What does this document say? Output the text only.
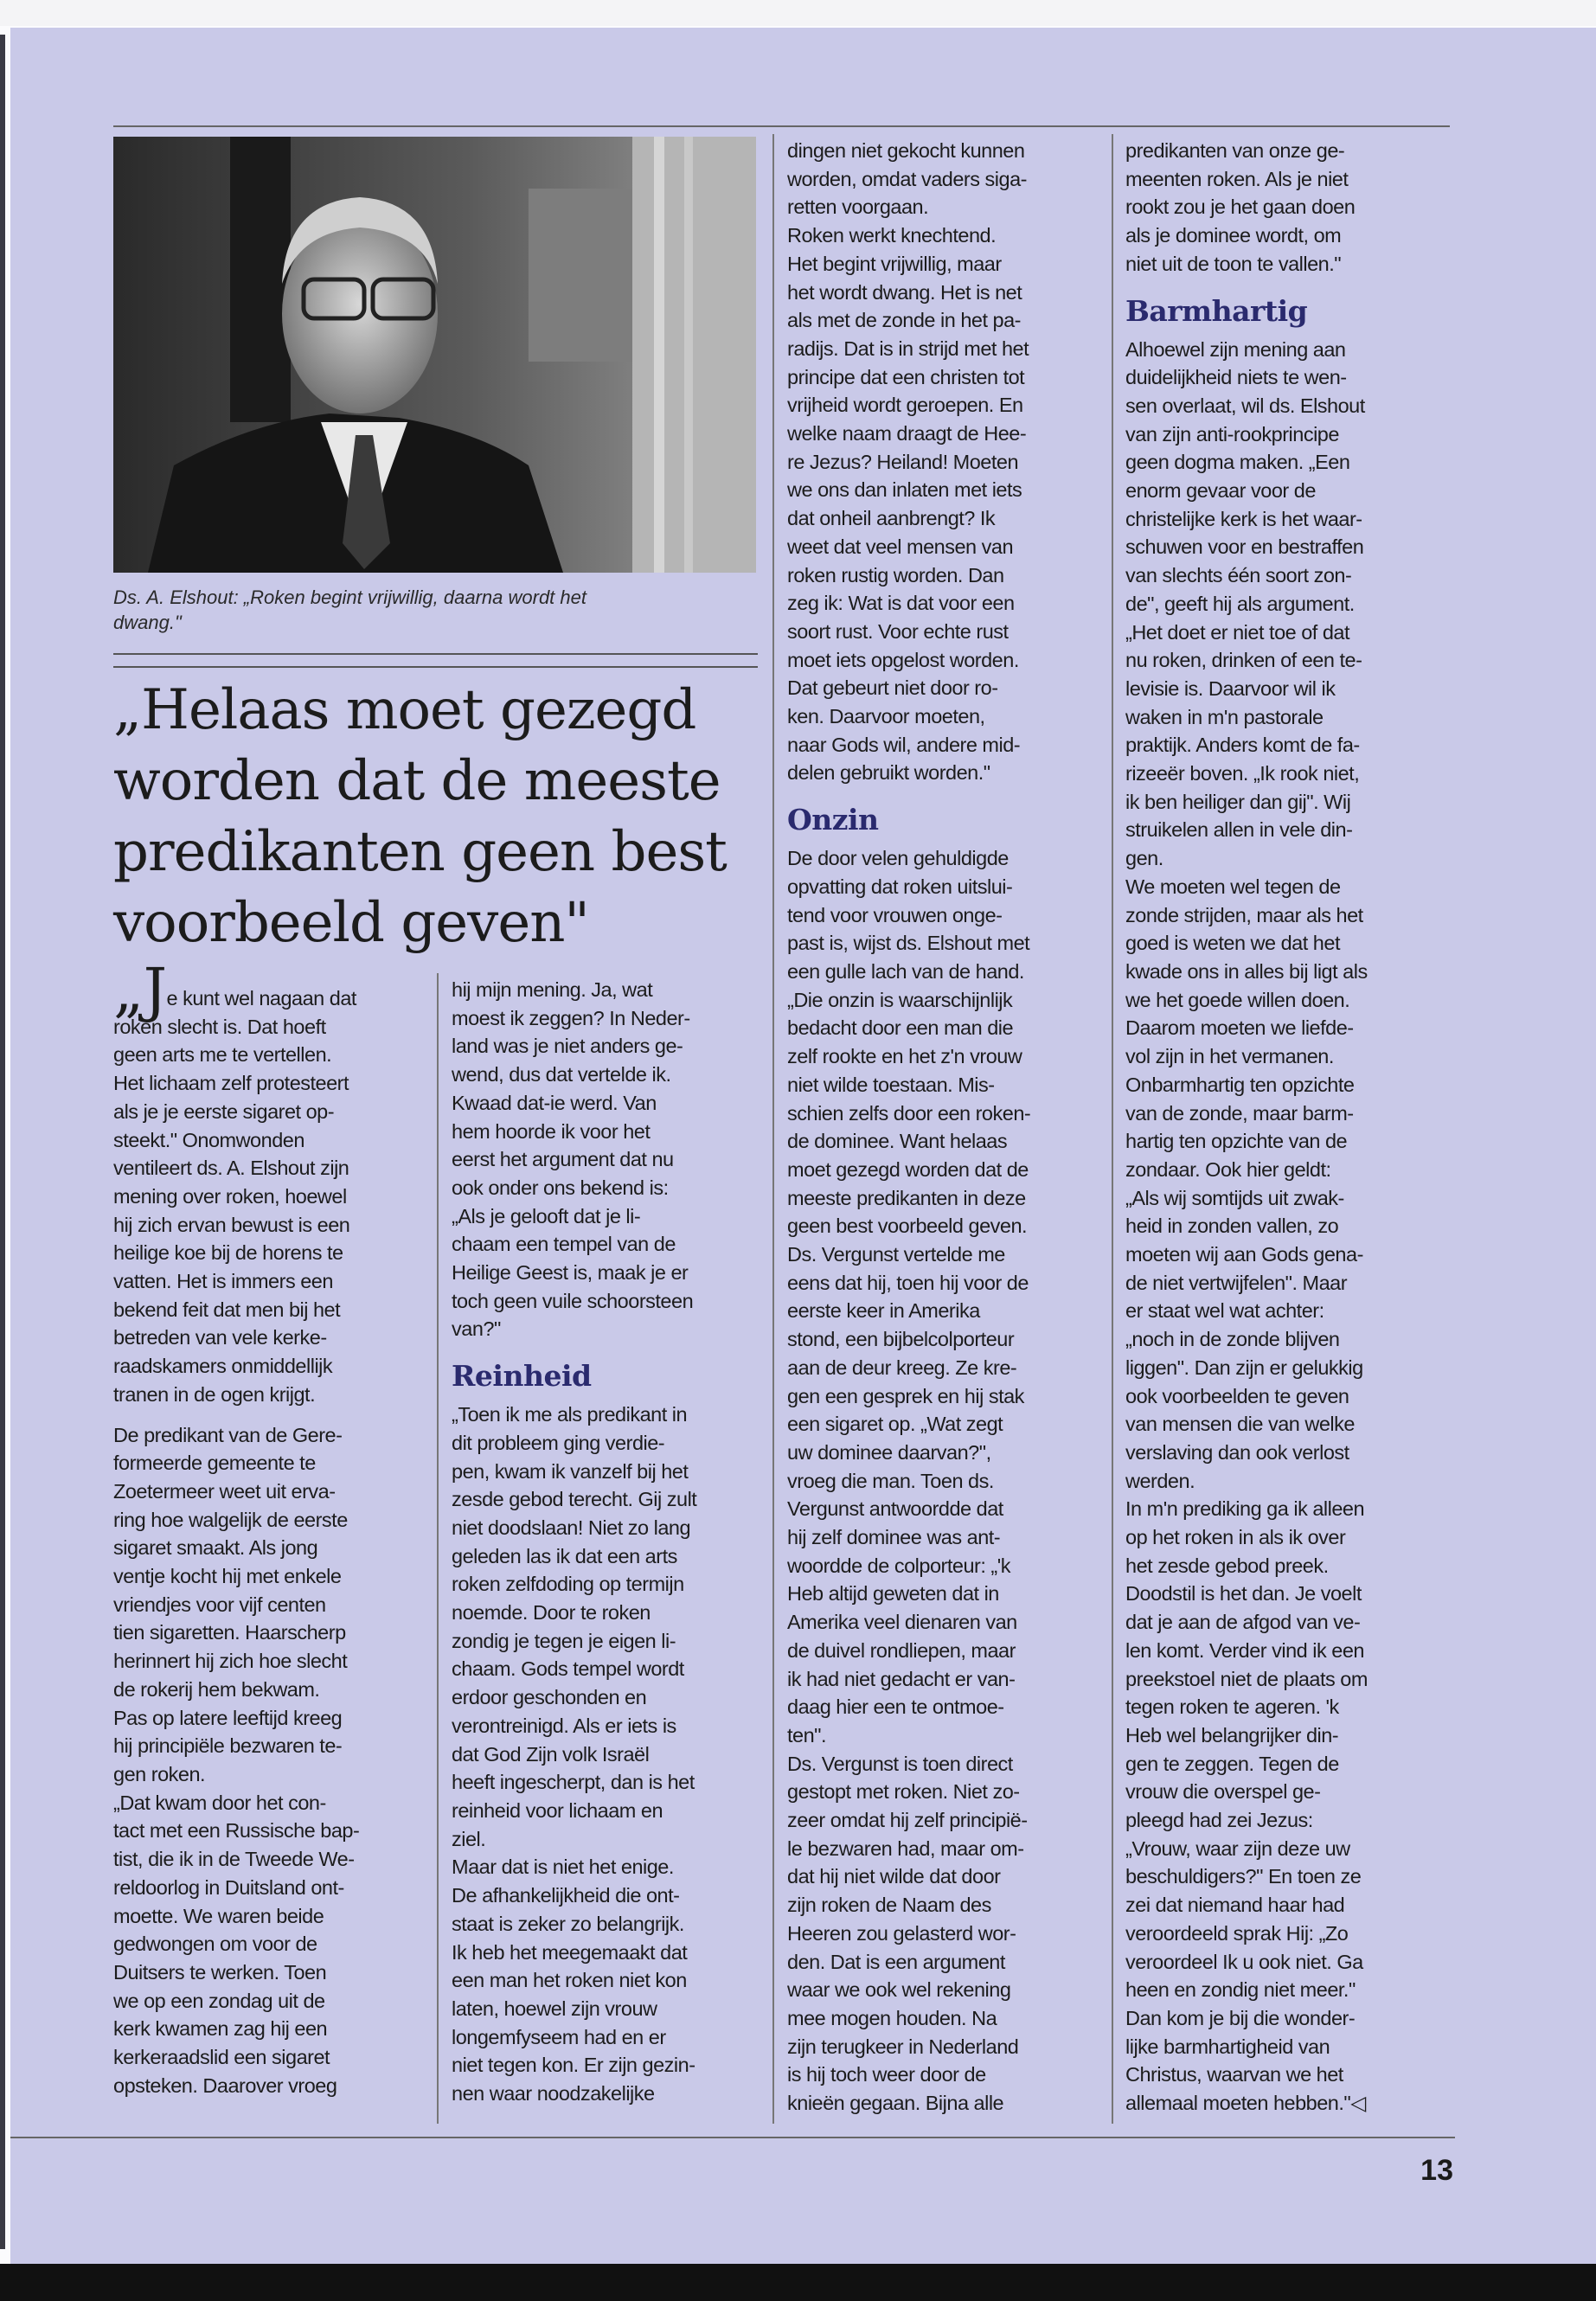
Ds. A. Elshout: „Roken begint vrijwillig, daarna wordt het
dwang."
„Helaas moet gezegd
worden dat de meeste
predikanten geen best
voorbeeld geven"

„Je kunt wel nagaan dat
roken slecht is. Dat hoeft
geen arts me te vertellen.
Het lichaam zelf protesteert
als je je eerste sigaret op-
steekt." Onomwonden
ventileert ds. A. Elshout zijn
mening over roken, hoewel
hij zich ervan bewust is een
heilige koe bij de horens te
vatten. Het is immers een
bekend feit dat men bij het
betreden van vele kerke-
raadskamers onmiddellijk
tranen in de ogen krijgt.

De predikant van de Gere-
formeerde gemeente te
Zoetermeer weet uit erva-
ring hoe walgelijk de eerste
sigaret smaakt. Als jong
ventje kocht hij met enkele
vriendjes voor vijf centen
tien sigaretten. Haarscherp
herinnert hij zich hoe slecht
de rokerij hem bekwam.
Pas op latere leeftijd kreeg
hij principiële bezwaren te-
gen roken.
„Dat kwam door het con-
tact met een Russische bap-
tist, die ik in de Tweede We-
reldoorlog in Duitsland ont-
moette. We waren beide
gedwongen om voor de
Duitsers te werken. Toen
we op een zondag uit de
kerk kwamen zag hij een
kerkeraadslid een sigaret
opsteken. Daarover vroeg

hij mijn mening. Ja, wat
moest ik zeggen? In Neder-
land was je niet anders ge-
wend, dus dat vertelde ik.
Kwaad dat-ie werd. Van
hem hoorde ik voor het
eerst het argument dat nu
ook onder ons bekend is:
„Als je gelooft dat je li-
chaam een tempel van de
Heilige Geest is, maak je er
toch geen vuile schoorsteen
van?"

Reinheid

„Toen ik me als predikant in
dit probleem ging verdie-
pen, kwam ik vanzelf bij het
zesde gebod terecht. Gij zult
niet doodslaan! Niet zo lang
geleden las ik dat een arts
roken zelfdoding op termijn
noemde. Door te roken
zondig je tegen je eigen li-
chaam. Gods tempel wordt
erdoor geschonden en
verontreinigd. Als er iets is
dat God Zijn volk Israël
heeft ingescherpt, dan is het
reinheid voor lichaam en
ziel.
Maar dat is niet het enige.
De afhankelijkheid die ont-
staat is zeker zo belangrijk.
Ik heb het meegemaakt dat
een man het roken niet kon
laten, hoewel zijn vrouw
longemfyseem had en er
niet tegen kon. Er zijn gezin-
nen waar noodzakelijke

dingen niet gekocht kunnen
worden, omdat vaders siga-
retten voorgaan.
Roken werkt knechtend.
Het begint vrijwillig, maar
het wordt dwang. Het is net
als met de zonde in het pa-
radijs. Dat is in strijd met het
principe dat een christen tot
vrijheid wordt geroepen. En
welke naam draagt de Hee-
re Jezus? Heiland! Moeten
we ons dan inlaten met iets
dat onheil aanbrengt? Ik
weet dat veel mensen van
roken rustig worden. Dan
zeg ik: Wat is dat voor een
soort rust. Voor echte rust
moet iets opgelost worden.
Dat gebeurt niet door ro-
ken. Daarvoor moeten,
naar Gods wil, andere mid-
delen gebruikt worden."

Onzin

De door velen gehuldigde
opvatting dat roken uitslui-
tend voor vrouwen onge-
past is, wijst ds. Elshout met
een gulle lach van de hand.
„Die onzin is waarschijnlijk
bedacht door een man die
zelf rookte en het z'n vrouw
niet wilde toestaan. Mis-
schien zelfs door een roken-
de dominee. Want helaas
moet gezegd worden dat de
meeste predikanten in deze
geen best voorbeeld geven.
Ds. Vergunst vertelde me
eens dat hij, toen hij voor de
eerste keer in Amerika
stond, een bijbelcolporteur
aan de deur kreeg. Ze kre-
gen een gesprek en hij stak
een sigaret op. „Wat zegt
uw dominee daarvan?",
vroeg die man. Toen ds.
Vergunst antwoordde dat
hij zelf dominee was ant-
woordde de colporteur: „'k
Heb altijd geweten dat in
Amerika veel dienaren van
de duivel rondliepen, maar
ik had niet gedacht er van-
daag hier een te ontmoe-
ten".
Ds. Vergunst is toen direct
gestopt met roken. Niet zo-
zeer omdat hij zelf principië-
le bezwaren had, maar om-
dat hij niet wilde dat door
zijn roken de Naam des
Heeren zou gelasterd wor-
den. Dat is een argument
waar we ook wel rekening
mee mogen houden. Na
zijn terugkeer in Nederland
is hij toch weer door de
knieën gegaan. Bijna alle

predikanten van onze ge-
meenten roken. Als je niet
rookt zou je het gaan doen
als je dominee wordt, om
niet uit de toon te vallen."

Barmhartig

Alhoewel zijn mening aan
duidelijkheid niets te wen-
sen overlaat, wil ds. Elshout
van zijn anti-rookprincipe
geen dogma maken. „Een
enorm gevaar voor de
christelijke kerk is het waar-
schuwen voor en bestraffen
van slechts één soort zon-
de", geeft hij als argument.
„Het doet er niet toe of dat
nu roken, drinken of een te-
levisie is. Daarvoor wil ik
waken in m'n pastorale
praktijk. Anders komt de fa-
rizeeër boven. „Ik rook niet,
ik ben heiliger dan gij". Wij
struikelen allen in vele din-
gen.
We moeten wel tegen de
zonde strijden, maar als het
goed is weten we dat het
kwade ons in alles bij ligt als
we het goede willen doen.
Daarom moeten we liefde-
vol zijn in het vermanen.
Onbarmhartig ten opzichte
van de zonde, maar barm-
hartig ten opzichte van de
zondaar. Ook hier geldt:
„Als wij somtijds uit zwak-
heid in zonden vallen, zo
moeten wij aan Gods gena-
de niet vertwijfelen". Maar
er staat wel wat achter:
„noch in de zonde blijven
liggen". Dan zijn er gelukkig
ook voorbeelden te geven
van mensen die van welke
verslaving dan ook verlost
werden.
In m'n prediking ga ik alleen
op het roken in als ik over
het zesde gebod preek.
Doodstil is het dan. Je voelt
dat je aan de afgod van ve-
len komt. Verder vind ik een
preekstoel niet de plaats om
tegen roken te ageren. 'k
Heb wel belangrijker din-
gen te zeggen. Tegen de
vrouw die overspel ge-
pleegd had zei Jezus:
„Vrouw, waar zijn deze uw
beschuldigers?" En toen ze
zei dat niemand haar had
veroordeeld sprak Hij: „Zo
veroordeel Ik u ook niet. Ga
heen en zondig niet meer."
Dan kom je bij die wonder-
lijke barmhartigheid van
Christus, waarvan we het
allemaal moeten hebben."◁

13
